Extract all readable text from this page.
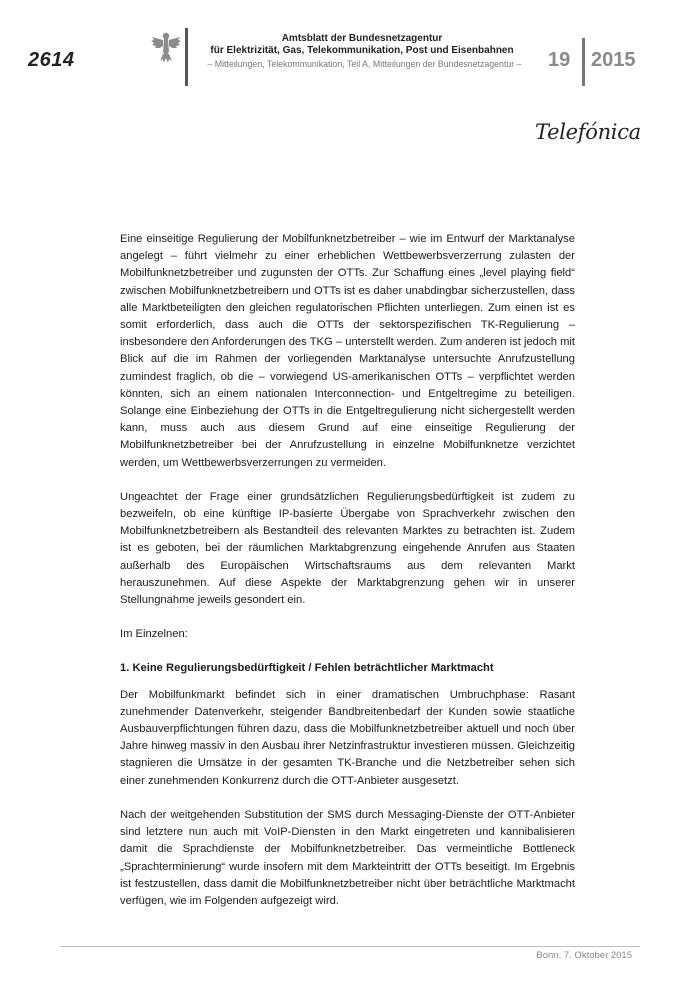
2614
Amtsblatt der Bundesnetzagentur
für Elektrizität, Gas, Telekommunikation, Post und Eisenbahnen
– Mitteilungen, Telekommunikation, Teil A, Mitteilungen der Bundesnetzagentur –	19 2015
Telefónica

Eine einseitige Regulierung der Mobilfunknetzbetreiber – wie im Entwurf der Marktanalyse angelegt – führt vielmehr zu einer erheblichen Wettbewerbsverzerrung zulasten der Mobilfunknetzbetreiber und zugunsten der OTTs. Zur Schaffung eines „level playing field“ zwischen Mobilfunknetzbetreibern und OTTs ist es daher unabdingbar sicherzustellen, dass alle Marktbeteiligten den gleichen regulatorischen Pflichten unterliegen. Zum einen ist es somit erforderlich, dass auch die OTTs der sektorspezifischen TK-Regulierung – insbesondere den Anforderungen des TKG – unterstellt werden. Zum anderen ist jedoch mit Blick auf die im Rahmen der vorliegenden Marktanalyse untersuchte Anrufzustellung zumindest fraglich, ob die – vorwiegend US-amerikanischen OTTs – verpflichtet werden könnten, sich an einem nationalen Interconnection- und Entgeltregime zu beteiligen. Solange eine Einbeziehung der OTTs in die Entgeltregulierung nicht sichergestellt werden kann, muss auch aus diesem Grund auf eine einseitige Regulierung der Mobilfunknetzbetreiber bei der Anrufzustellung in einzelne Mobilfunknetze verzichtet werden, um Wettbewerbsverzerrungen zu vermeiden.

Ungeachtet der Frage einer grundsätzlichen Regulierungsbedürftigkeit ist zudem zu bezweifeln, ob eine künftige IP-basierte Übergabe von Sprachverkehr zwischen den Mobilfunknetzbetreibern als Bestandteil des relevanten Marktes zu betrachten ist. Zudem ist es geboten, bei der räumlichen Marktabgrenzung eingehende Anrufen aus Staaten außerhalb des Europäischen Wirtschaftsraums aus dem relevanten Markt herauszunehmen. Auf diese Aspekte der Marktabgrenzung gehen wir in unserer Stellungnahme jeweils gesondert ein.

Im Einzelnen:

1. Keine Regulierungsbedürftigkeit / Fehlen beträchtlicher Marktmacht

Der Mobilfunkmarkt befindet sich in einer dramatischen Umbruchphase: Rasant zunehmender Datenverkehr, steigender Bandbreitenbedarf der Kunden sowie staatliche Ausbauverpflichtungen führen dazu, dass die Mobilfunknetzbetreiber aktuell und noch über Jahre hinweg massiv in den Ausbau ihrer Netzinfrastruktur investieren müssen. Gleichzeitig stagnieren die Umsätze in der gesamten TK-Branche und die Netzbetreiber sehen sich einer zunehmenden Konkurrenz durch die OTT-Anbieter ausgesetzt.

Nach der weitgehenden Substitution der SMS durch Messaging-Dienste der OTT-Anbieter sind letztere nun auch mit VoIP-Diensten in den Markt eingetreten und kannibalisieren damit die Sprachdienste der Mobilfunknetzbetreiber. Das vermeintliche Bottleneck „Sprachterminierung“ wurde insofern mit dem Markteintritt der OTTs beseitigt. Im Ergebnis ist festzustellen, dass damit die Mobilfunknetzbetreiber nicht über beträchtliche Marktmacht verfügen, wie im Folgenden aufgezeigt wird.

Bonn, 7. Oktober 2015
